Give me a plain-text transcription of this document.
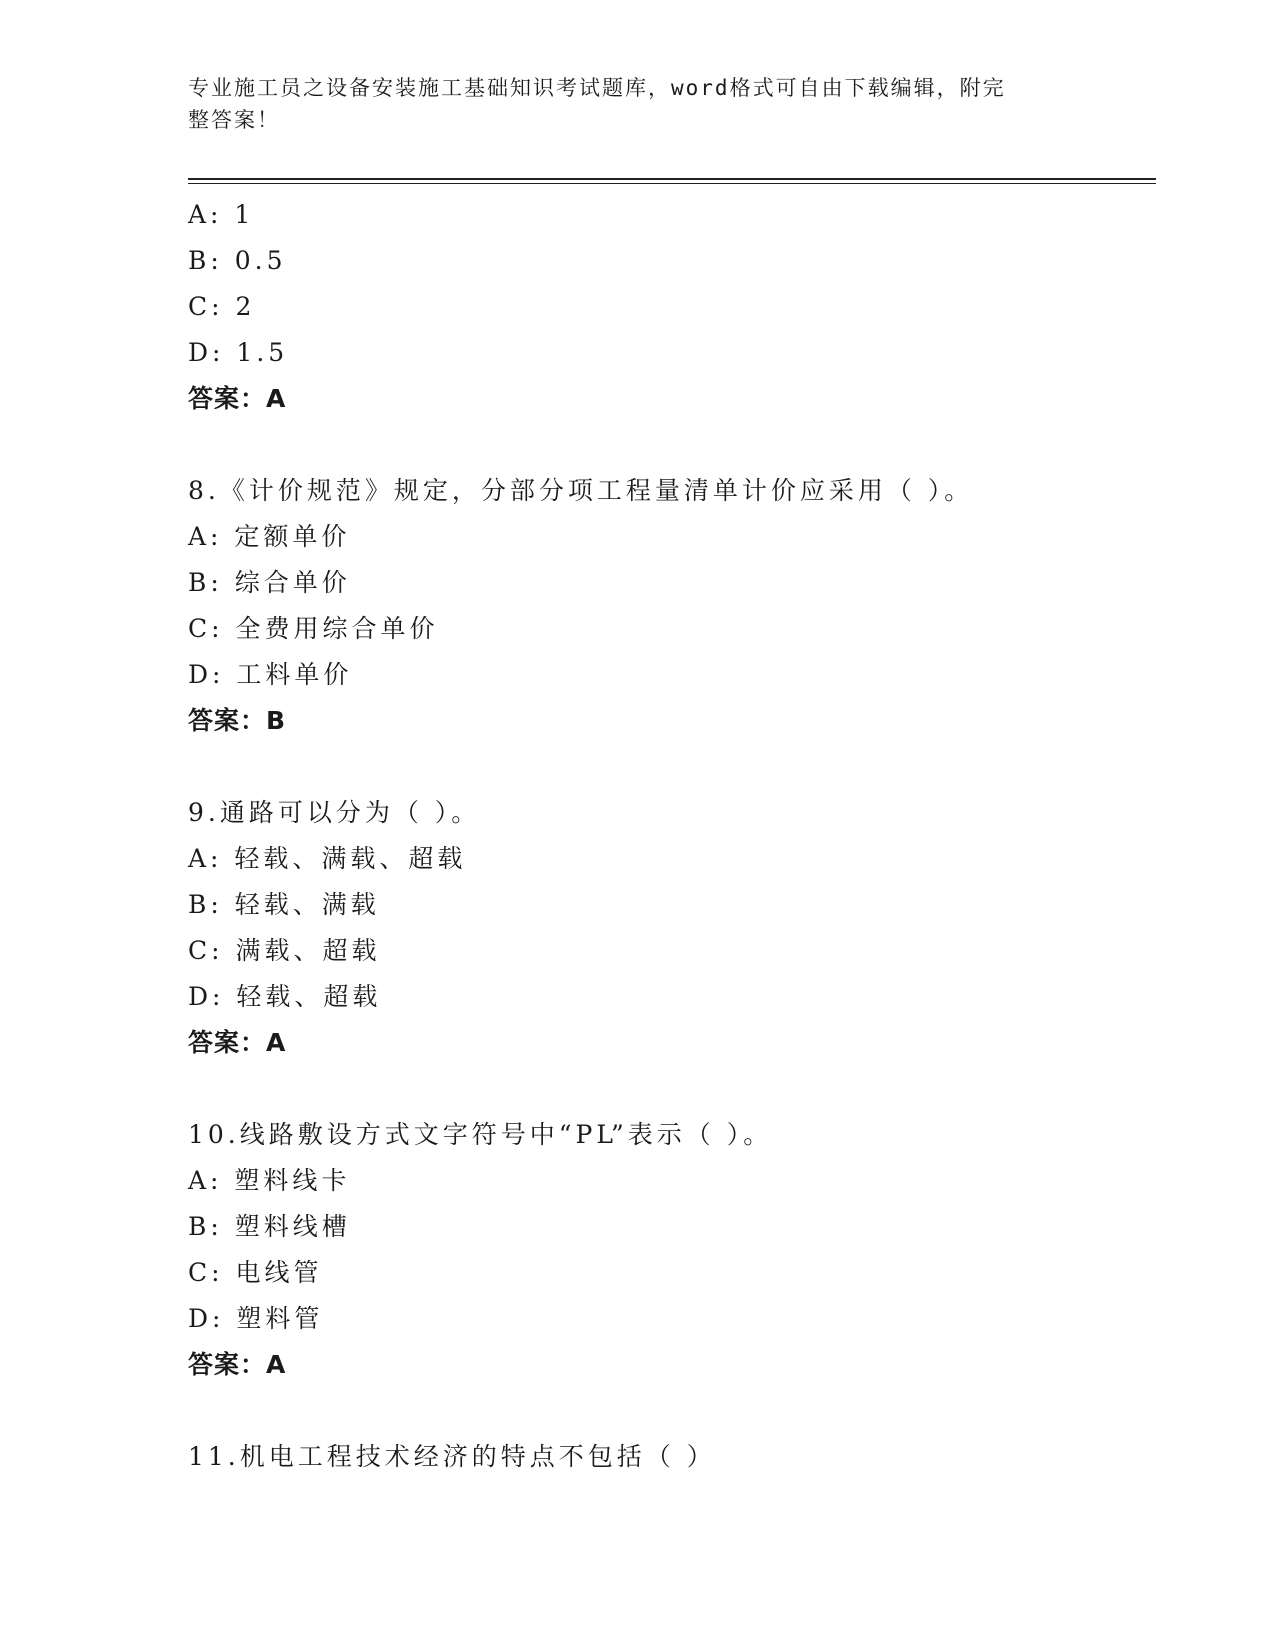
专业施工员之设备安装施工基础知识考试题库，word格式可自由下载编辑，附完
整答案！
A: 1
B: 0.5
C: 2
D: 1.5
答案：A
8.《计价规范》规定，分部分项工程量清单计价应采用（ ）。
A: 定额单价
B: 综合单价
C: 全费用综合单价
D: 工料单价
答案：B
9.通路可以分为（ ）。
A: 轻载、满载、超载
B: 轻载、满载
C: 满载、超载
D: 轻载、超载
答案：A
10.线路敷设方式文字符号中“PL”表示（ ）。
A: 塑料线卡
B: 塑料线槽
C: 电线管
D: 塑料管
答案：A
11.机电工程技术经济的特点不包括（ ）
